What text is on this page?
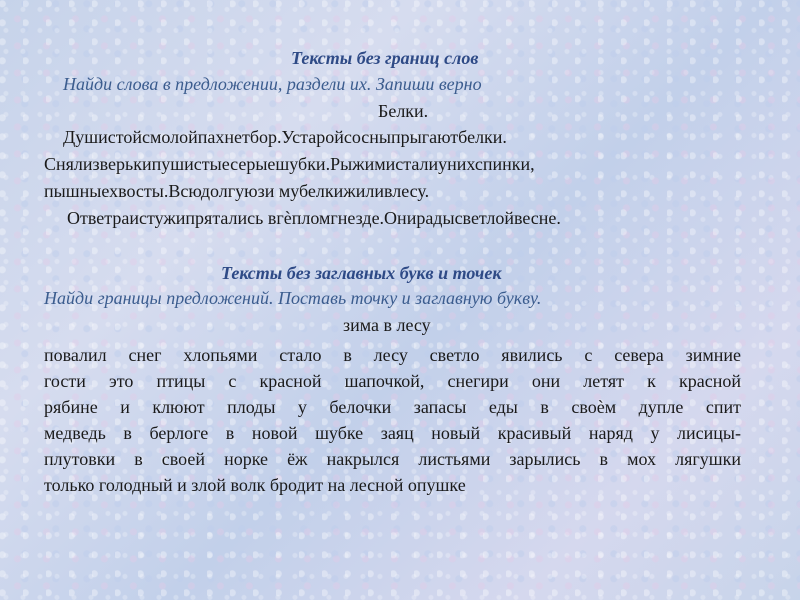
Тексты без границ слов
Найди слова в предложении, раздели их. Запиши верно
Белки.
Душистойсмолойпахнетбор.Устаройсосныпрыгаютбелки.
Снялизверькипушистыесерыешубки.Рыжимисталиунихспинки,
пышныехвосты.Всюдолгуюзи мубелкижиливлесу.
Ответраистужипрятались вгѐпломгнезде.Онирадысветлойвесне.
Тексты без заглавных букв и точек
Найди границы предложений. Поставь точку и заглавную букву.
зима в лесу
повалил снег хлопьями стало в лесу светло явились с севера зимние
гости это птицы с красной шапочкой, снегири они летят к красной
рябине и клюют плоды у белочки запасы еды в своѐм дупле спит
медведь в берлоге в новой шубке заяц новый красивый наряд у лисицы-
плутовки в своей норке ёж накрылся листьями зарылись в мох лягушки
только голодный и злой волк бродит на лесной опушке
